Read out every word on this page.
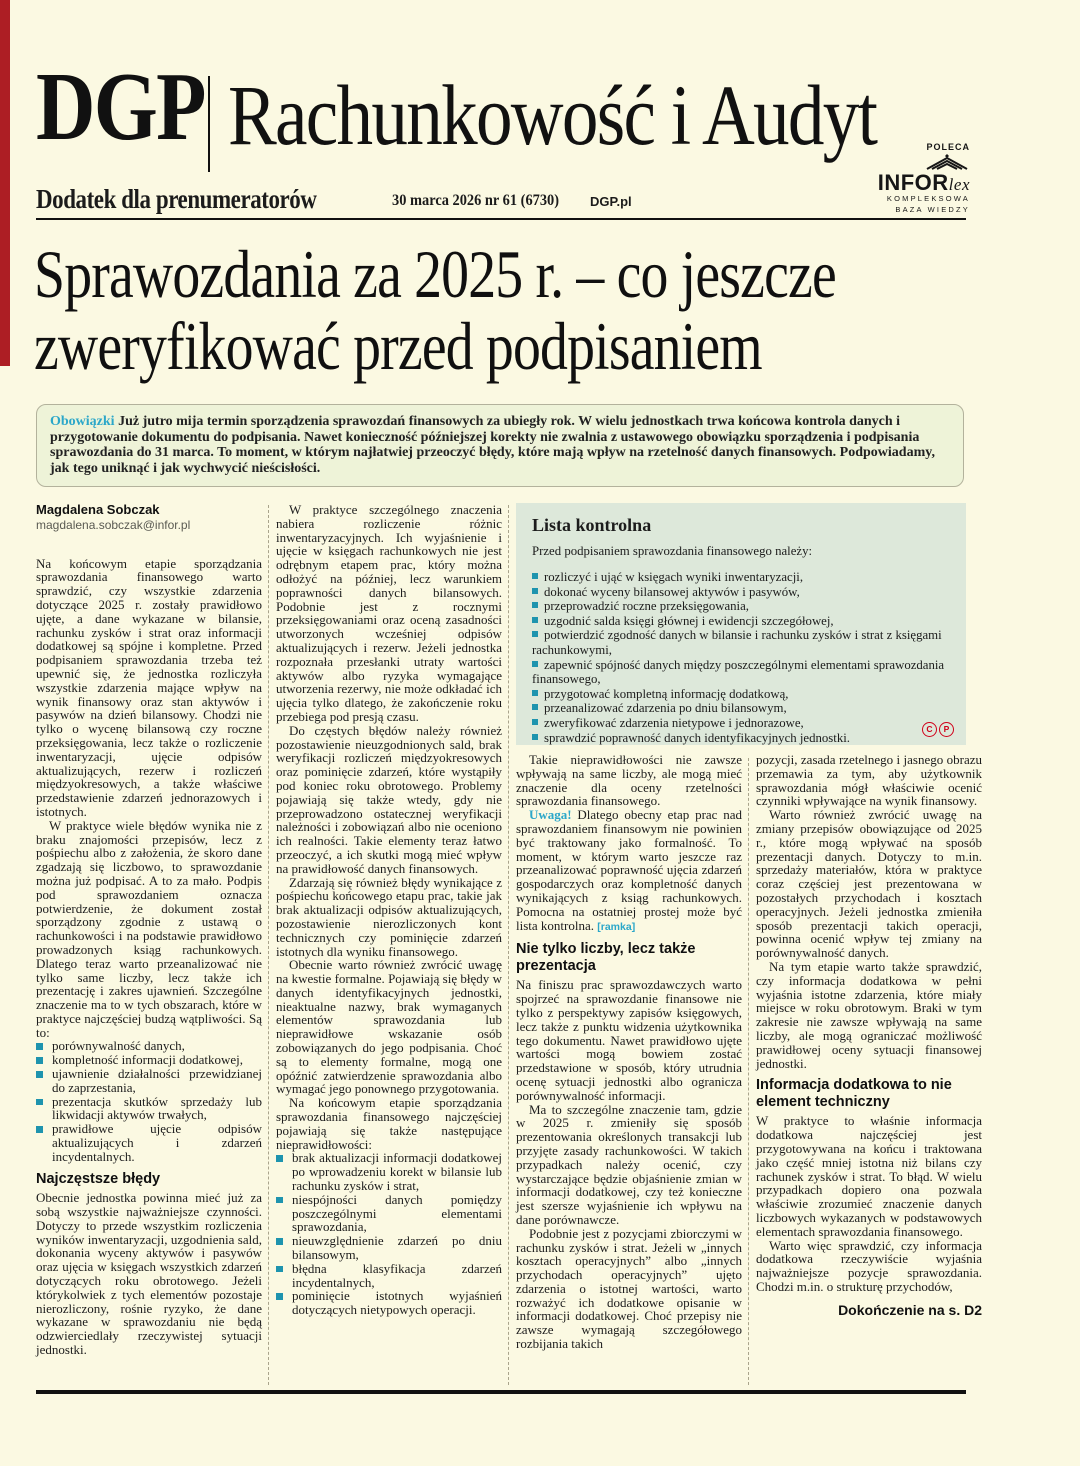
DGP Rachunkowość i Audyt
Dodatek dla prenumeratorów	30 marca 2026 nr 61 (6730) DGP.pl
POLECA
INFORlex
KOMPLEKSOWA
BAZA WIEDZY
Sprawozdania za 2025 r. – co jeszcze
zweryfikować przed podpisaniem
Obowiązki Już jutro mija termin sporządzenia sprawozdań finansowych za ubiegły rok. W wielu jednostkach trwa końcowa kontrola danych i przygotowanie dokumentu do podpisania. Nawet konieczność późniejszej korekty nie zwalnia z ustawowego obowiązku sporządzenia i podpisania sprawozdania do 31 marca. To moment, w którym najłatwiej przeoczyć błędy, które mają wpływ na rzetelność danych finansowych. Podpowiadamy, jak tego uniknąć i jak wychwycić nieścisłości.
Magdalena Sobczak
magdalena.sobczak@infor.pl

Na końcowym etapie sporządzania sprawozdania finansowego warto sprawdzić, czy wszystkie zdarzenia dotyczące 2025 r. zostały prawidłowo ujęte, a dane wykazane w bilansie, rachunku zysków i strat oraz informacji dodatkowej są spójne i kompletne. Przed podpisaniem sprawozdania trzeba też upewnić się, że jednostka rozliczyła wszystkie zdarzenia mające wpływ na wynik finansowy oraz stan aktywów i pasywów na dzień bilansowy. Chodzi nie tylko o wycenę bilansową czy roczne przeksięgowania, lecz także o rozliczenie inwentaryzacji, ujęcie odpisów aktualizujących, rezerw i rozliczeń międzyokresowych, a także właściwe przedstawienie zdarzeń jednorazowych i istotnych.

W praktyce wiele błędów wynika nie z braku znajomości przepisów, lecz z pośpiechu albo z założenia, że skoro dane zgadzają się liczbowo, to sprawozdanie można już podpisać. A to za mało. Podpis pod sprawozdaniem oznacza potwierdzenie, że dokument został sporządzony zgodnie z ustawą o rachunkowości i na podstawie prawidłowo prowadzonych ksiąg rachunkowych. Dlatego teraz warto przeanalizować nie tylko same liczby, lecz także ich prezentację i zakres ujawnień. Szczególne znaczenie ma to w tych obszarach, które w praktyce najczęściej budzą wątpliwości. Są to:

porównywalność danych,
kompletność informacji dodatkowej,
ujawnienie działalności przewidzianej do zaprzestania,
prezentacja skutków sprzedaży lub likwidacji aktywów trwałych,
prawidłowe ujęcie odpisów aktualizujących i zdarzeń incydentalnych.
Najczęstsze błędy

Obecnie jednostka powinna mieć już za sobą wszystkie najważniejsze czynności. Dotyczy to przede wszystkim rozliczenia wyników inwentaryzacji, uzgodnienia sald, dokonania wyceny aktywów i pasywów oraz ujęcia w księgach wszystkich zdarzeń dotyczących roku obrotowego. Jeżeli którykolwiek z tych elementów pozostaje nierozliczony, rośnie ryzyko, że dane wykazane w sprawozdaniu nie będą odzwierciedlały rzeczywistej sytuacji jednostki.

W praktyce szczególnego znaczenia nabiera rozliczenie różnic inwentaryzacyjnych. Ich wyjaśnienie i ujęcie w księgach rachunkowych nie jest odrębnym etapem prac, który można odłożyć na później, lecz warunkiem poprawności danych bilansowych. Podobnie jest z rocznymi przeksięgowaniami oraz oceną zasadności utworzonych wcześniej odpisów aktualizujących i rezerw. Jeżeli jednostka rozpoznała przesłanki utraty wartości aktywów albo ryzyka wymagające utworzenia rezerwy, nie może odkładać ich ujęcia tylko dlatego, że zakończenie roku przebiega pod presją czasu.

Do częstych błędów należy również pozostawienie nieuzgodnionych sald, brak weryfikacji rozliczeń międzyokresowych oraz pominięcie zdarzeń, które wystąpiły pod koniec roku obrotowego. Problemy pojawiają się także wtedy, gdy nie przeprowadzono ostatecznej weryfikacji należności i zobowiązań albo nie oceniono ich realności. Takie elementy teraz łatwo przeoczyć, a ich skutki mogą mieć wpływ na prawidłowość danych finansowych.

Zdarzają się również błędy wynikające z pośpiechu końcowego etapu prac, takie jak brak aktualizacji odpisów aktualizujących, pozostawienie nierozliczonych kont technicznych czy pominięcie zdarzeń istotnych dla wyniku finansowego.

Obecnie warto również zwrócić uwagę na kwestie formalne. Pojawiają się błędy w danych identyfikacyjnych jednostki, nieaktualne nazwy, brak wymaganych elementów sprawozdania lub nieprawidłowe wskazanie osób zobowiązanych do jego podpisania. Choć są to elementy formalne, mogą one opóźnić zatwierdzenie sprawozdania albo wymagać jego ponownego przygotowania.

Na końcowym etapie sporządzania sprawozdania finansowego najczęściej pojawiają się także następujące nieprawidłowości:

brak aktualizacji informacji dodatkowej po wprowadzeniu korekt w bilansie lub rachunku zysków i strat,
niespójności danych pomiędzy poszczególnymi elementami sprawozdania,
nieuwzględnienie zdarzeń po dniu bilansowym,
błędna klasyfikacja zdarzeń incydentalnych,
pominięcie istotnych wyjaśnień dotyczących nietypowych operacji.
Lista kontrolna
Przed podpisaniem sprawozdania finansowego należy:
rozliczyć i ująć w księgach wyniki inwentaryzacji,
dokonać wyceny bilansowej aktywów i pasywów,
przeprowadzić roczne przeksięgowania,
uzgodnić salda księgi głównej i ewidencji szczegółowej,
potwierdzić zgodność danych w bilansie i rachunku zysków i strat z księgami rachunkowymi,
zapewnić spójność danych między poszczególnymi elementami sprawozdania finansowego,
przygotować kompletną informację dodatkową,
przeanalizować zdarzenia po dniu bilansowym,
zweryfikować zdarzenia nietypowe i jednorazowe,
sprawdzić poprawność danych identyfikacyjnych jednostki.
C P

Takie nieprawidłowości nie zawsze wpływają na same liczby, ale mogą mieć znaczenie dla oceny rzetelności sprawozdania finansowego.

Uwaga! Dlatego obecny etap prac nad sprawozdaniem finansowym nie powinien być traktowany jako formalność. To moment, w którym warto jeszcze raz przeanalizować poprawność ujęcia zdarzeń gospodarczych oraz kompletność danych wynikających z ksiąg rachunkowych. Pomocna na ostatniej prostej może być lista kontrolna. [ramka]

Nie tylko liczby, lecz także prezentacja

Na finiszu prac sprawozdawczych warto spojrzeć na sprawozdanie finansowe nie tylko z perspektywy zapisów księgowych, lecz także z punktu widzenia użytkownika tego dokumentu. Nawet prawidłowo ujęte wartości mogą bowiem zostać przedstawione w sposób, który utrudnia ocenę sytuacji jednostki albo ogranicza porównywalność informacji.

Ma to szczególne znaczenie tam, gdzie w 2025 r. zmieniły się sposób prezentowania określonych transakcji lub przyjęte zasady rachunkowości. W takich przypadkach należy ocenić, czy wystarczające będzie objaśnienie zmian w informacji dodatkowej, czy też konieczne jest szersze wyjaśnienie ich wpływu na dane porównawcze.

Podobnie jest z pozycjami zbiorczymi w rachunku zysków i strat. Jeżeli w „innych kosztach operacyjnych” albo „innych przychodach operacyjnych” ujęto zdarzenia o istotnej wartości, warto rozważyć ich dodatkowe opisanie w informacji dodatkowej. Choć przepisy nie zawsze wymagają szczegółowego rozbijania takich

pozycji, zasada rzetelnego i jasnego obrazu przemawia za tym, aby użytkownik sprawozdania mógł właściwie ocenić czynniki wpływające na wynik finansowy.

Warto również zwrócić uwagę na zmiany przepisów obowiązujące od 2025 r., które mogą wpływać na sposób prezentacji danych. Dotyczy to m.in. sprzedaży materiałów, która w praktyce coraz częściej jest prezentowana w pozostałych przychodach i kosztach operacyjnych. Jeżeli jednostka zmieniła sposób prezentacji takich operacji, powinna ocenić wpływ tej zmiany na porównywalność danych.

Na tym etapie warto także sprawdzić, czy informacja dodatkowa w pełni wyjaśnia istotne zdarzenia, które miały miejsce w roku obrotowym. Braki w tym zakresie nie zawsze wpływają na same liczby, ale mogą ograniczać możliwość prawidłowej oceny sytuacji finansowej jednostki.

Informacja dodatkowa to nie element techniczny

W praktyce to właśnie informacja dodatkowa najczęściej jest przygotowywana na końcu i traktowana jako część mniej istotna niż bilans czy rachunek zysków i strat. To błąd. W wielu przypadkach dopiero ona pozwala właściwie zrozumieć znaczenie danych liczbowych wykazanych w podstawowych elementach sprawozdania finansowego.

Warto więc sprawdzić, czy informacja dodatkowa rzeczywiście wyjaśnia najważniejsze pozycje sprawozdania. Chodzi m.in. o strukturę przychodów,

Dokończenie na s. D2
